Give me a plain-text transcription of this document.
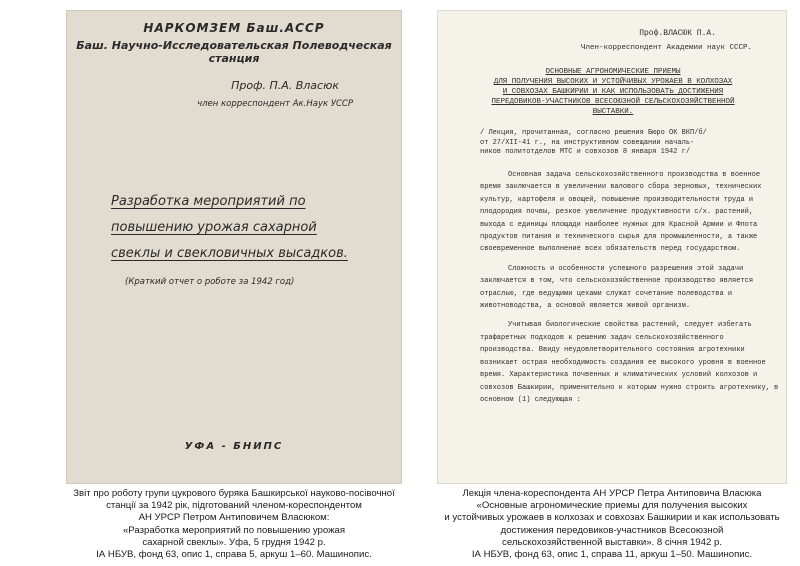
НАРКОМЗЕМ Баш.АССР
Баш. Научно-Исследовательская Полеводческая станция
Проф. П.А. Власюк
член корреспондент Ак.Наук УССР
Разработка мероприятий по
повышению урожая сахарной
свеклы и свекловичных высадков.
(Краткий отчет о роботе за 1942 год)
УФА - БНИПС
Проф.ВЛАСЮК П.А.
Член-корреспондент Академии наук СССР.
ОСНОВНЫЕ АГРОНОМИЧЕСКИЕ ПРИЕМЫ
ДЛЯ ПОЛУЧЕНИЯ ВЫСОКИХ И УСТОЙЧИВЫХ УРОЖАЕВ В КОЛХОЗАХ
И СОВХОЗАХ БАШКИРИИ И КАК ИСПОЛЬЗОВАТЬ ДОСТИЖЕНИЯ
ПЕРЕДОВИКОВ-УЧАСТНИКОВ ВСЕСОЮЗНОЙ СЕЛЬСКОХОЗЯЙСТВЕННОЙ
ВЫСТАВКИ.
/ Лекция, прочитанная, согласно решения Бюро ОК ВКП/б/
от 27/XII-41 г., на инструктивном совещании началь-
ников политотделов МТС и совхозов 8 января 1942 г/

Основная задача сельскохозяйственного производства в военное время заключается в увеличении валового сбора зерновых, технических культур, картофеля и овощей, повышение производительности труда и плодородия почвы, резкое увеличение продуктивности с/х. растений, выхода с единицы площади наиболее нужных для Красной Армии и Флота продуктов питания и технического сырья для промышленности, а также своевременное выполнение всех обязательств перед государством.

Сложность и особенности успешного разрешения этой задачи заключается в том, что сельскохозяйственное производство является отраслью, где ведущими цехами служат сочетание полеводства и животноводства, а основой является живой организм.

Учитывая биологические свойства растений, следует избегать трафаретных подходов к решению задач сельскохозяйственного производства. Ввиду неудовлетворительного состояния агротехники возникает острая необходимость создания ее высокого уровня в военное время. Характеристика почвенных и климатических условий колхозов и совхозов Башкирии, применительно к которым нужно строить агротехнику, в основном (1) следующая :

Звіт про роботу групи цукрового буряка Башкирської науково-посівочної
станції за 1942 рік, підготований членом-кореспондентом
АН УРСР Петром Антиповичем Власюком:
«Разработка мероприятий по повышению урожая
сахарной свеклы». Уфа, 5 грудня 1942 р.
ІА НБУВ, фонд 63, опис 1, справа 5, аркуш 1–60. Машинопис.
Лекція члена-кореспондента АН УРСР Петра Антиповича Власюка
«Основные агрономические приемы для получения высоких
и устойчивых урожаев в колхозах и совхозах Башкирии и как использовать
достижения передовиков-участников Всесоюзной
сельскохозяйственной выставки». 8 січня 1942 р.
ІА НБУВ, фонд 63, опис 1, справа 11, аркуш 1–50. Машинопис.
